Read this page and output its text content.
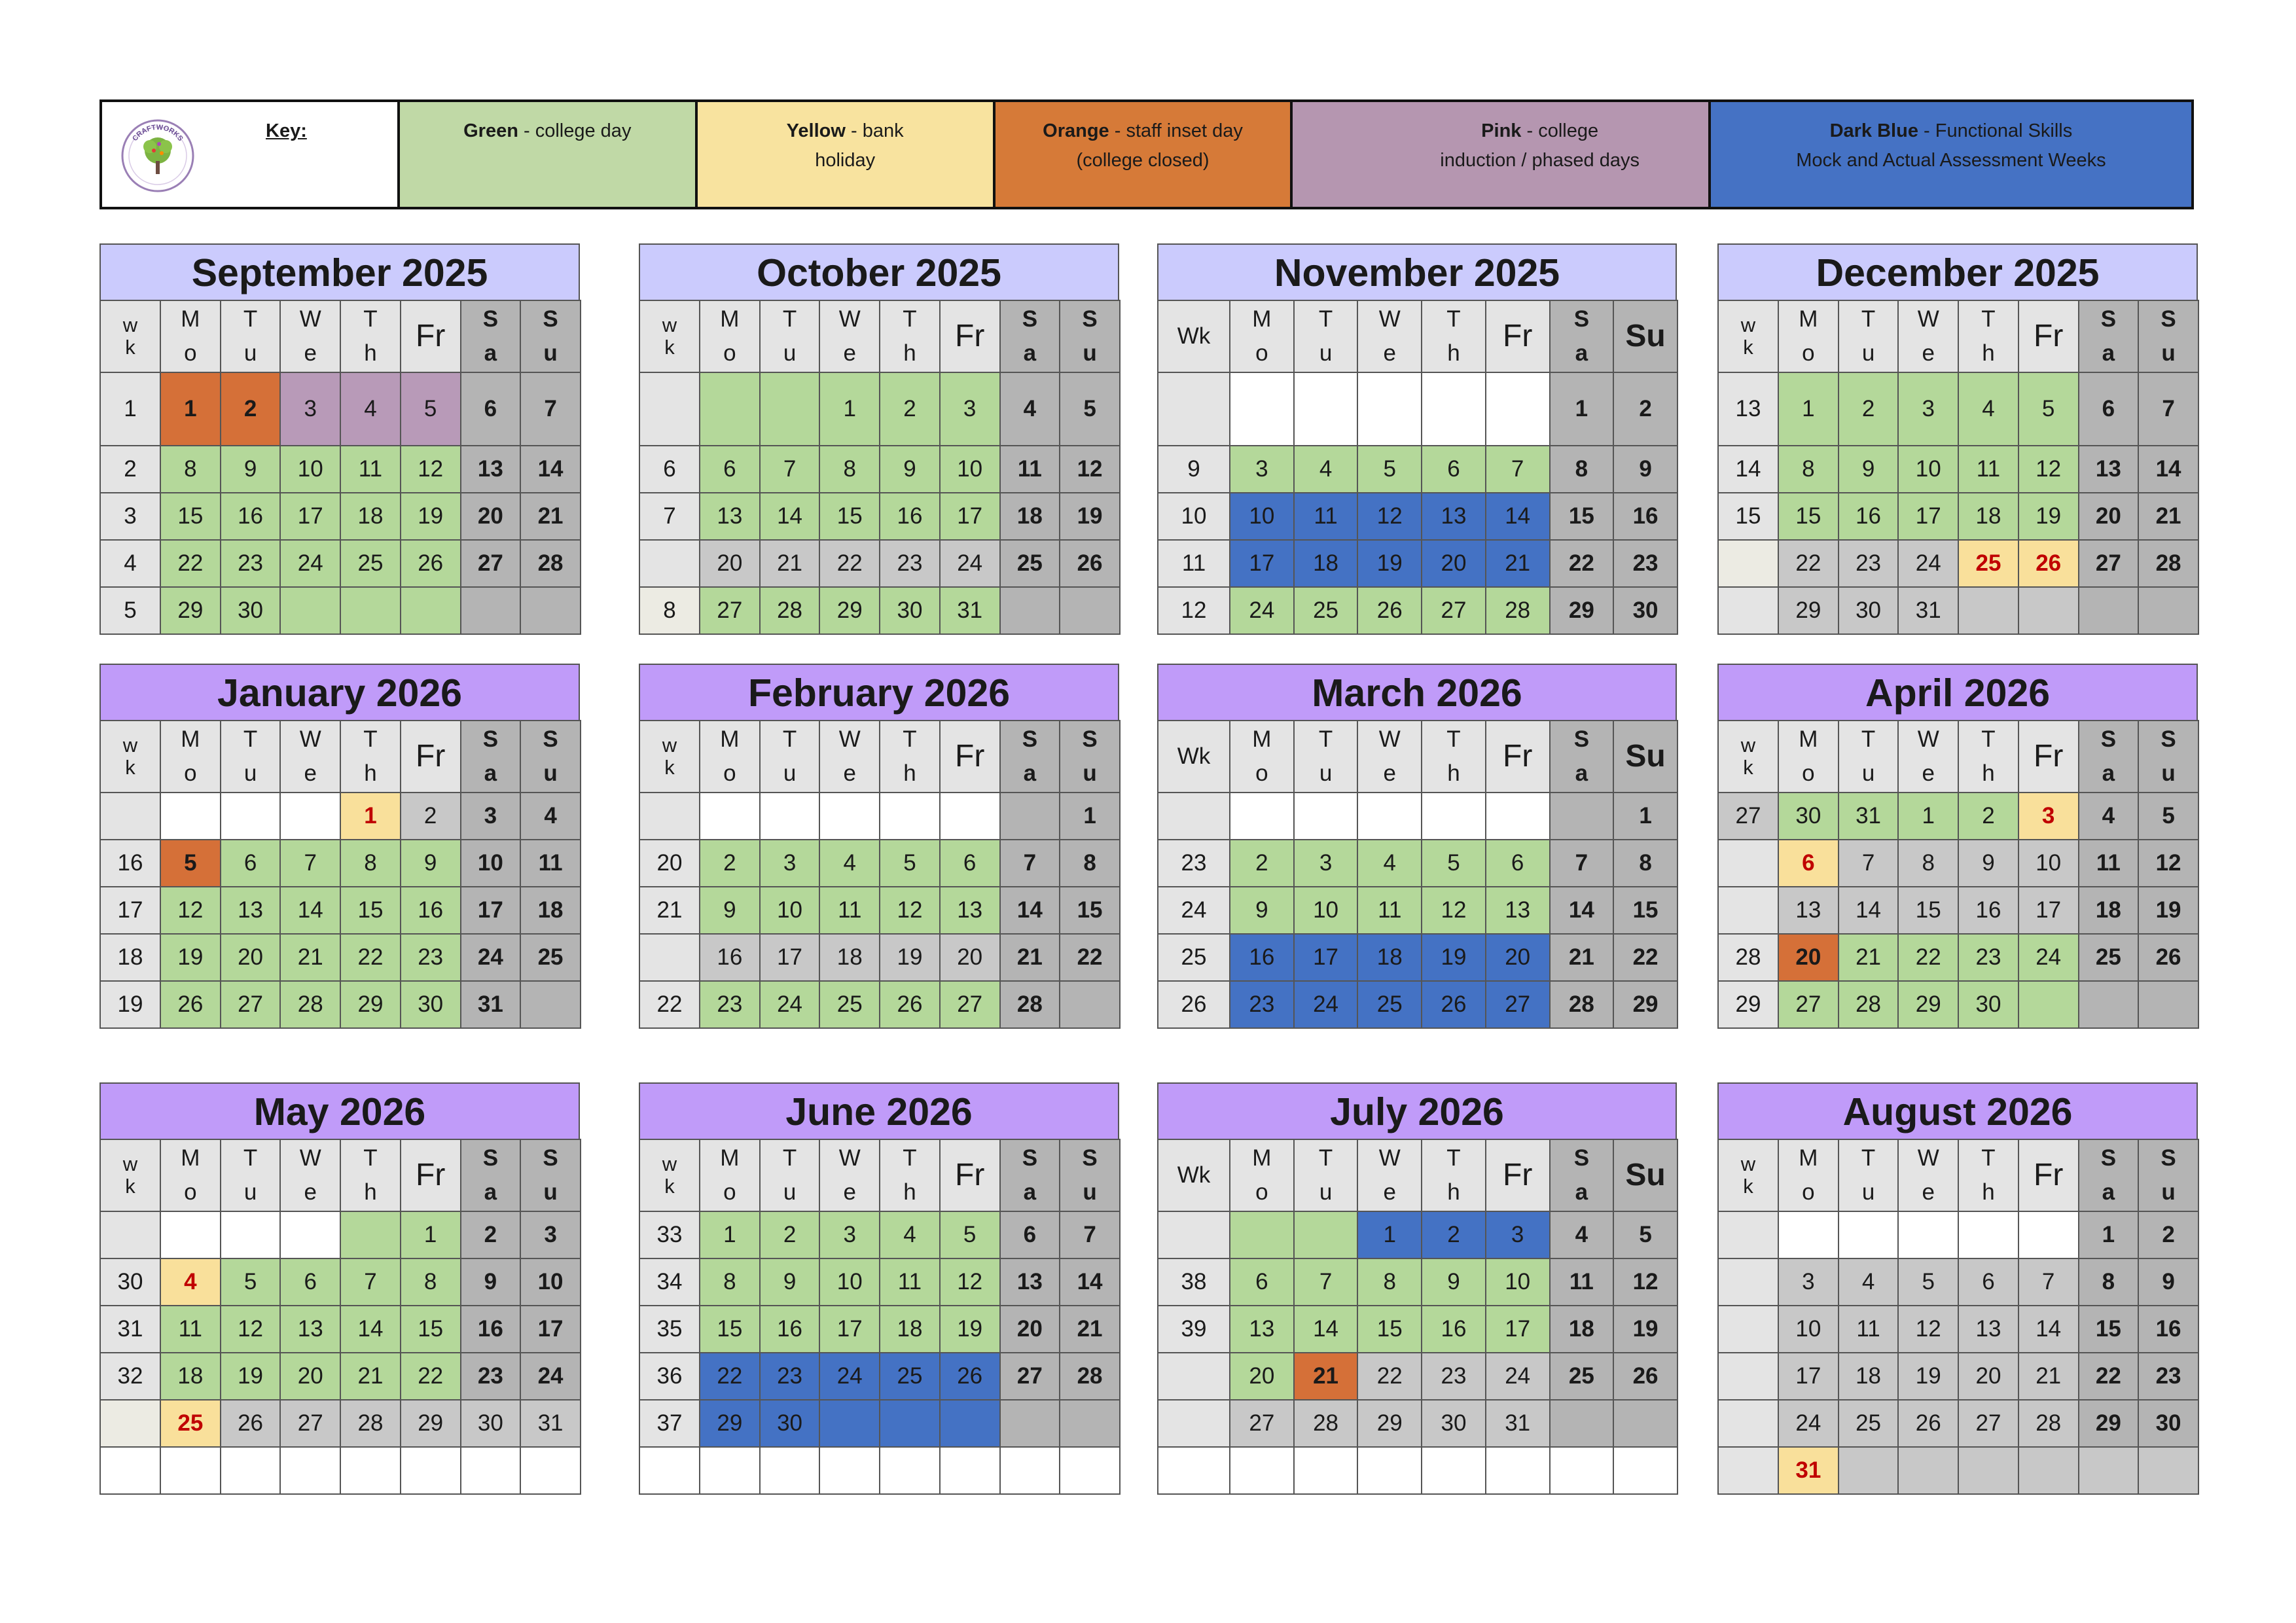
CRAFTWORKS	Key:	Green - college day	Yellow - bank
holiday
Orange - staff inset day
(college closed)
Pink - college
induction / phased days
Dark Blue - Functional Skills
Mock and Actual Assessment Weeks
September 2025
w
k	M
o	T
u	W
e	T
h	Fr	S
a	S
u
1	1	2	3	4	5	6	7
2	8	9	10	11	12	13	14
3	15	16	17	18	19	20	21
4	22	23	24	25	26	27	28
5	29	30					
October 2025
w
k	M
o	T
u	W
e	T
h	Fr	S
a	S
u
			1	2	3	4	5
6	6	7	8	9	10	11	12
7	13	14	15	16	17	18	19
	20	21	22	23	24	25	26
8	27	28	29	30	31		
November 2025
Wk	M
o	T
u	W
e	T
h	Fr	S
a	Su
						1	2
9	3	4	5	6	7	8	9
10	10	11	12	13	14	15	16
11	17	18	19	20	21	22	23
12	24	25	26	27	28	29	30
December 2025
w
k	M
o	T
u	W
e	T
h	Fr	S
a	S
u
13	1	2	3	4	5	6	7
14	8	9	10	11	12	13	14
15	15	16	17	18	19	20	21
	22	23	24	25	26	27	28
	29	30	31				
January 2026
w
k	M
o	T
u	W
e	T
h	Fr	S
a	S
u
				1	2	3	4
16	5	6	7	8	9	10	11
17	12	13	14	15	16	17	18
18	19	20	21	22	23	24	25
19	26	27	28	29	30	31	
February 2026
w
k	M
o	T
u	W
e	T
h	Fr	S
a	S
u
							1
20	2	3	4	5	6	7	8
21	9	10	11	12	13	14	15
	16	17	18	19	20	21	22
22	23	24	25	26	27	28	
March 2026
Wk	M
o	T
u	W
e	T
h	Fr	S
a	Su
							1
23	2	3	4	5	6	7	8
24	9	10	11	12	13	14	15
25	16	17	18	19	20	21	22
26	23	24	25	26	27	28	29
April 2026
w
k	M
o	T
u	W
e	T
h	Fr	S
a	S
u
27	30	31	1	2	3	4	5
	6	7	8	9	10	11	12
	13	14	15	16	17	18	19
28	20	21	22	23	24	25	26
29	27	28	29	30			
May 2026
w
k	M
o	T
u	W
e	T
h	Fr	S
a	S
u
					1	2	3
30	4	5	6	7	8	9	10
31	11	12	13	14	15	16	17
32	18	19	20	21	22	23	24
	25	26	27	28	29	30	31

June 2026
w
k	M
o	T
u	W
e	T
h	Fr	S
a	S
u
33	1	2	3	4	5	6	7
34	8	9	10	11	12	13	14
35	15	16	17	18	19	20	21
36	22	23	24	25	26	27	28
37	29	30					

July 2026
Wk	M
o	T
u	W
e	T
h	Fr	S
a	Su
			1	2	3	4	5
38	6	7	8	9	10	11	12
39	13	14	15	16	17	18	19
	20	21	22	23	24	25	26
	27	28	29	30	31		

August 2026
w
k	M
o	T
u	W
e	T
h	Fr	S
a	S
u
						1	2
	3	4	5	6	7	8	9
	10	11	12	13	14	15	16
	17	18	19	20	21	22	23
	24	25	26	27	28	29	30
	31						
